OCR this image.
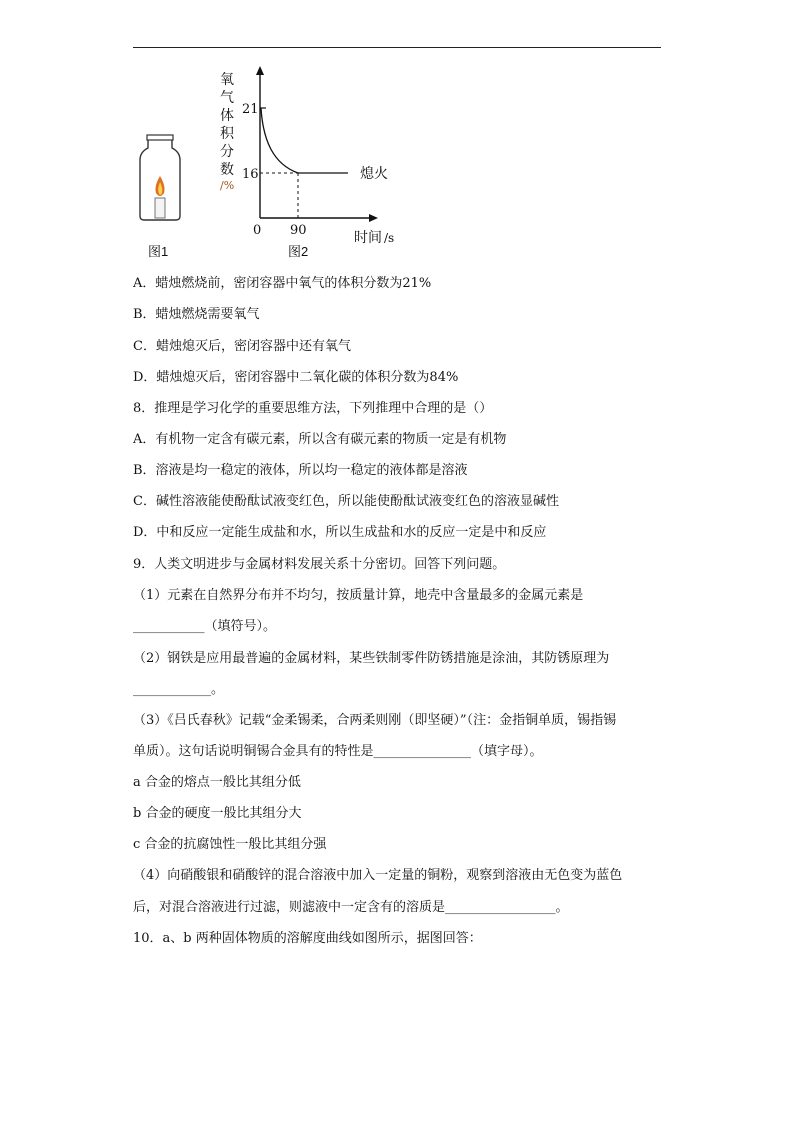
图1
氧
气
体
积
分
数
/%
21
16
0 90
熄火
时间 /s
图2
A．蜡烛燃烧前，密闭容器中氧气的体积分数为21%
B．蜡烛燃烧需要氧气
C．蜡烛熄灭后，密闭容器中还有氧气
D．蜡烛熄灭后，密闭容器中二氧化碳的体积分数为84%
8．推理是学习化学的重要思维方法，下列推理中合理的是（）
A．有机物一定含有碳元素，所以含有碳元素的物质一定是有机物
B．溶液是均一稳定的液体，所以均一稳定的液体都是溶液
C．碱性溶液能使酚酞试液变红色，所以能使酚酞试液变红色的溶液显碱性
D．中和反应一定能生成盐和水，所以生成盐和水的反应一定是中和反应
9．人类文明进步与金属材料发展关系十分密切。回答下列问题。
（1）元素在自然界分布并不均匀，按质量计算，地壳中含量最多的金属元素是
___________（填符号）。
（2）钢铁是应用最普遍的金属材料，某些铁制零件防锈措施是涂油，其防锈原理为
____________。
（3）《吕氏春秋》记载“金柔锡柔，合两柔则刚（即坚硬）”（注：金指铜单质，锡指锡
单质）。这句话说明铜锡合金具有的特性是_______________（填字母）。
a 合金的熔点一般比其组分低
b 合金的硬度一般比其组分大
c 合金的抗腐蚀性一般比其组分强
（4）向硝酸银和硝酸锌的混合溶液中加入一定量的铜粉，观察到溶液由无色变为蓝色
后，对混合溶液进行过滤，则滤液中一定含有的溶质是_________________。
10．a、b 两种固体物质的溶解度曲线如图所示，据图回答：
